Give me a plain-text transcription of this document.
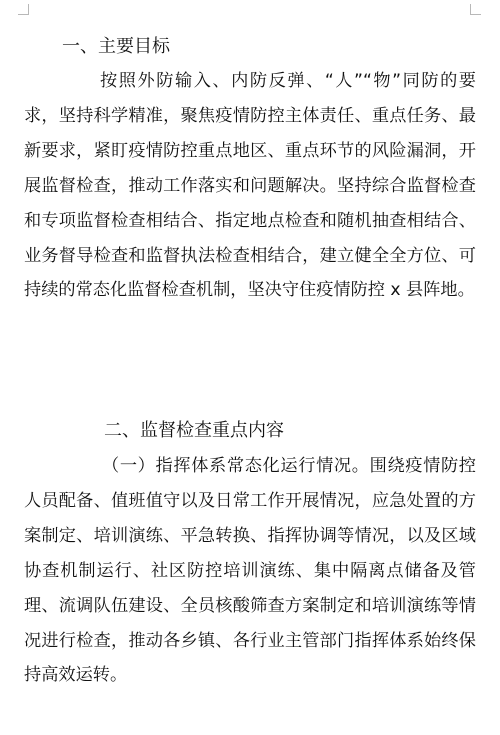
一、主要目标
按照外防输入、内防反弹、“人”“物”同防的要求，坚持科学精准，聚焦疫情防控主体责任、重点任务、最新要求，紧盯疫情防控重点地区、重点环节的风险漏洞，开展监督检查，推动工作落实和问题解决。坚持综合监督检查和专项监督检查相结合、指定地点检查和随机抽查相结合、业务督导检查和监督执法检查相结合，建立健全全方位、可持续的常态化监督检查机制，坚决守住疫情防控 x 县阵地。
二、监督检查重点内容
（一）指挥体系常态化运行情况。围绕疫情防控人员配备、值班值守以及日常工作开展情况，应急处置的方案制定、培训演练、平急转换、指挥协调等情况，以及区域协查机制运行、社区防控培训演练、集中隔离点储备及管理、流调队伍建设、全员核酸筛查方案制定和培训演练等情况进行检查，推动各乡镇、各行业主管部门指挥体系始终保持高效运转。
